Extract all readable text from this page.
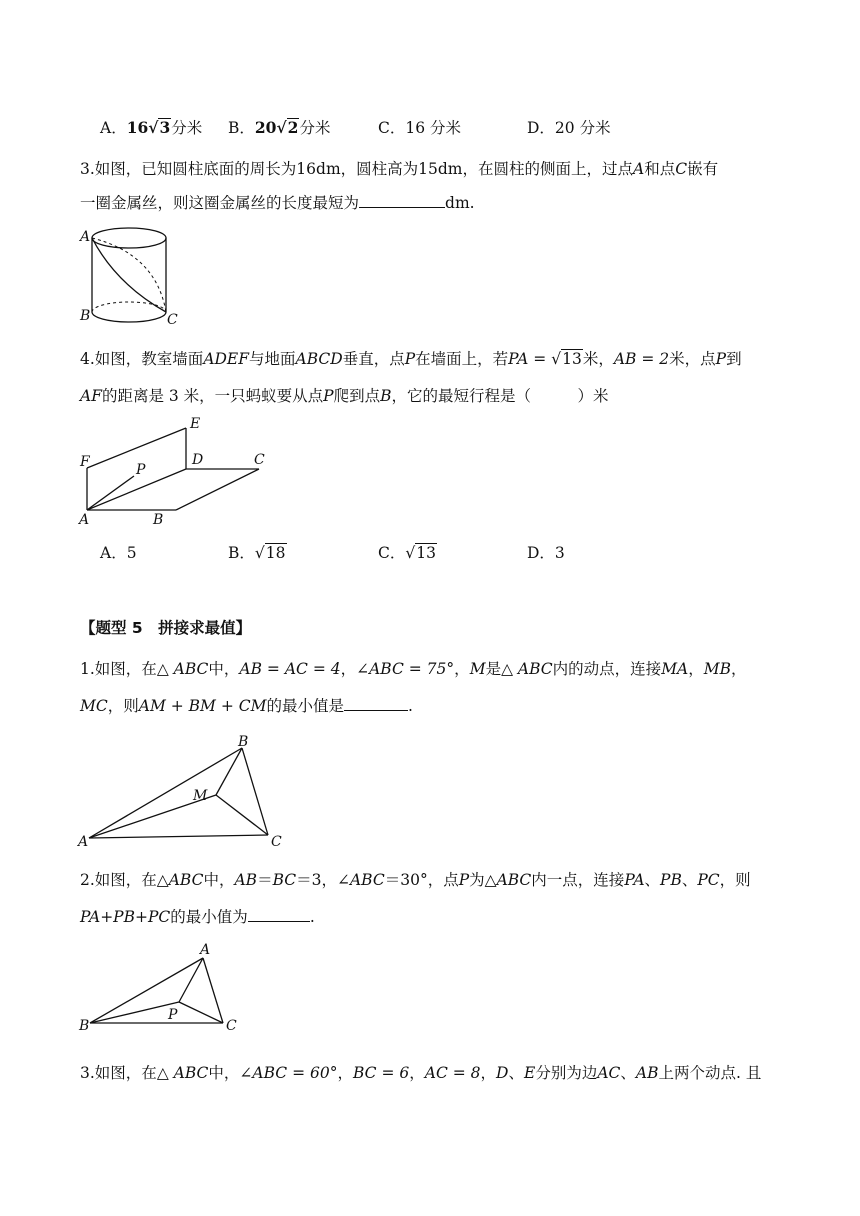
A．16√3分米 B．20√2分米	C．16 分米	D．20 分米
3.如图，已知圆柱底面的周长为16dm，圆柱高为15dm，在圆柱的侧面上，过点A和点C嵌有
一圈金属丝，则这圈金属丝的长度最短为	dm.
A
B	C
4.如图，教室墙面ADEF与地面ABCD垂直，点P在墙面上，若PA = √13米，AB = 2米，点P到
AF的距离是 3 米，一只蚂蚁要从点P爬到点B，它的最短行程是（　　　）米
E
F	P
D	C
A	B
A．5	B．√18	C．√13	D．3
【题型 5　拼接求最值】
1.如图，在△ ABC中，AB = AC = 4，∠ABC = 75°，M是△ ABC内的动点，连接MA，MB，
MC，则AM + BM + CM的最小值是	.
B
M
A	C
2.如图，在△ABC中，AB＝BC＝3，∠ABC＝30°，点P为△ABC内一点，连接PA、PB、PC，则
PA+PB+PC的最小值为	.
A
P
B	C
3.如图，在△ ABC中，∠ABC = 60°，BC = 6，AC = 8，D、E分别为边AC、AB上两个动点. 且
